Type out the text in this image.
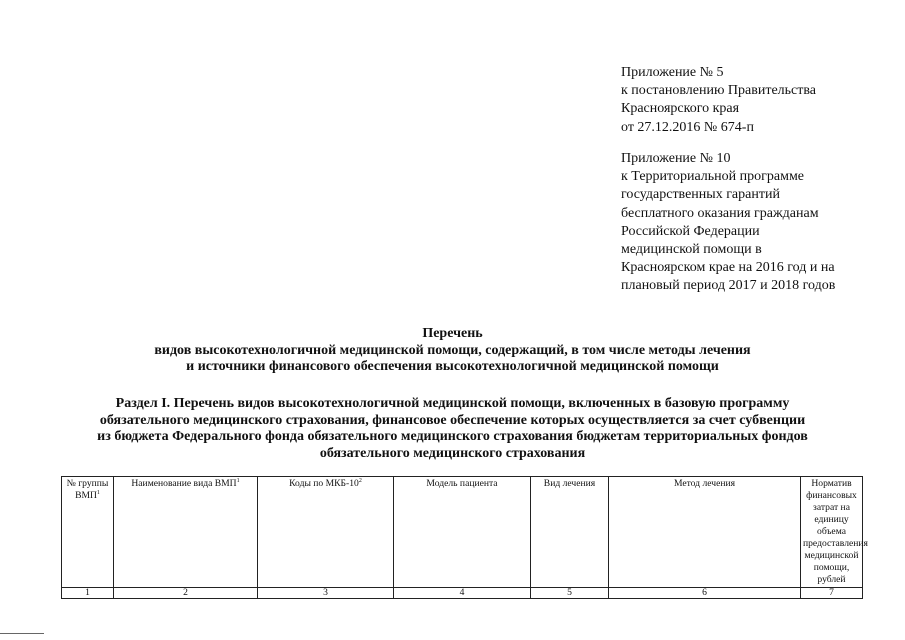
Приложение № 5
к постановлению Правительства
Красноярского края
от 27.12.2016 № 674-п
Приложение № 10
к Территориальной программе
государственных гарантий
бесплатного оказания гражданам
Российской Федерации
медицинской помощи в
Красноярском крае на 2016 год и на
плановый период 2017 и 2018 годов
Перечень
видов высокотехнологичной медицинской помощи, содержащий, в том числе методы лечения
и источники финансового обеспечения высокотехнологичной медицинской помощи
Раздел I. Перечень видов высокотехнологичной медицинской помощи, включенных в базовую программу
обязательного медицинского страхования, финансовое обеспечение которых осуществляется за счет субвенции
из бюджета Федерального фонда обязательного медицинского страхования бюджетам территориальных фондов
обязательного медицинского страхования
№ группы ВМП$^1$	Наименование вида ВМП$^1$	Коды по МКБ-$10^2$	Модель пациента	Вид лечения	Метод лечения	Норматив финансовых затрат на единицу объема предоставления медицинской помощи, рублей
1	2	3	4	5	6	7
